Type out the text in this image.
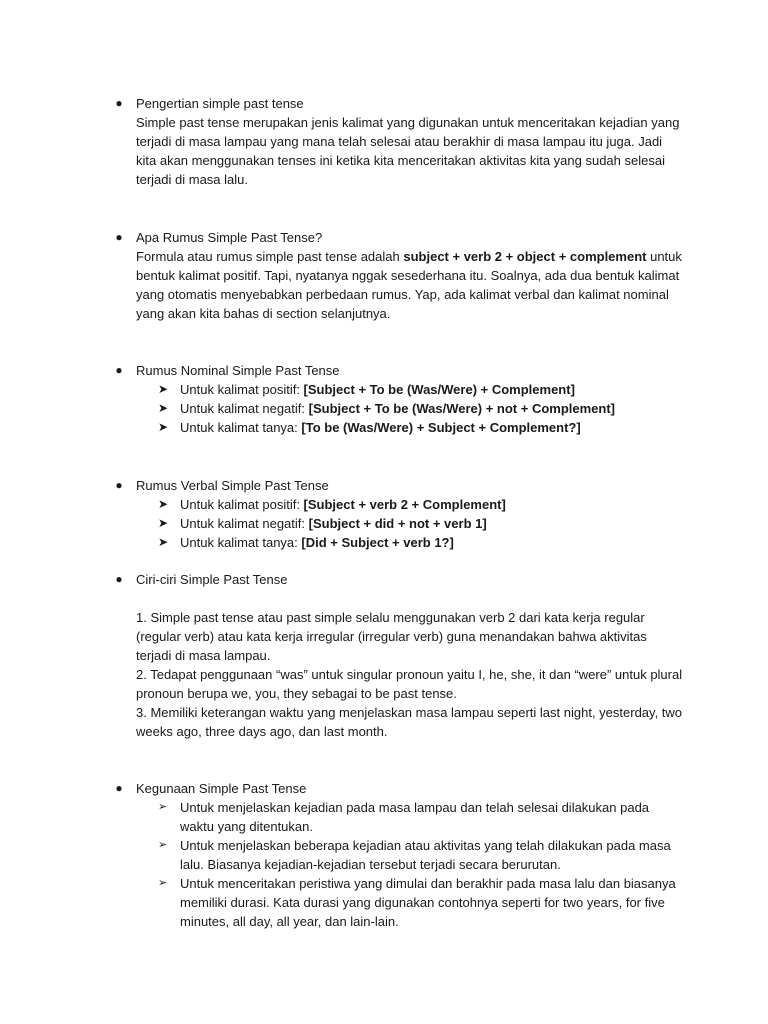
● Pengertian simple past tense
Simple past tense merupakan jenis kalimat yang digunakan untuk menceritakan kejadian yang terjadi di masa lampau yang mana telah selesai atau berakhir di masa lampau itu juga. Jadi kita akan menggunakan tenses ini ketika kita menceritakan aktivitas kita yang sudah selesai terjadi di masa lalu.
● Apa Rumus Simple Past Tense?
Formula atau rumus simple past tense adalah subject + verb 2 + object + complement untuk bentuk kalimat positif. Tapi, nyatanya nggak sesederhana itu. Soalnya, ada dua bentuk kalimat yang otomatis menyebabkan perbedaan rumus. Yap, ada kalimat verbal dan kalimat nominal yang akan kita bahas di section selanjutnya.
● Rumus Nominal Simple Past Tense
➤ Untuk kalimat positif: [Subject + To be (Was/Were) + Complement]
➤ Untuk kalimat negatif: [Subject + To be (Was/Were) + not + Complement]
➤ Untuk kalimat tanya: [To be (Was/Were) + Subject + Complement?]
● Rumus Verbal Simple Past Tense
➤ Untuk kalimat positif: [Subject + verb 2 + Complement]
➤ Untuk kalimat negatif: [Subject + did + not + verb 1]
➤ Untuk kalimat tanya: [Did + Subject + verb 1?]
● Ciri-ciri Simple Past Tense
1. Simple past tense atau past simple selalu menggunakan verb 2 dari kata kerja regular (regular verb) atau kata kerja irregular (irregular verb) guna menandakan bahwa aktivitas terjadi di masa lampau.
2. Tedapat penggunaan “was” untuk singular pronoun yaitu I, he, she, it dan “were” untuk plural pronoun berupa we, you, they sebagai to be past tense.
3. Memiliki keterangan waktu yang menjelaskan masa lampau seperti last night, yesterday, two weeks ago, three days ago, dan last month.
● Kegunaan Simple Past Tense
➢ Untuk menjelaskan kejadian pada masa lampau dan telah selesai dilakukan pada waktu yang ditentukan.
➢ Untuk menjelaskan beberapa kejadian atau aktivitas yang telah dilakukan pada masa lalu. Biasanya kejadian-kejadian tersebut terjadi secara berurutan.
➢ Untuk menceritakan peristiwa yang dimulai dan berakhir pada masa lalu dan biasanya memiliki durasi. Kata durasi yang digunakan contohnya seperti for two years, for five minutes, all day, all year, dan lain-lain.
